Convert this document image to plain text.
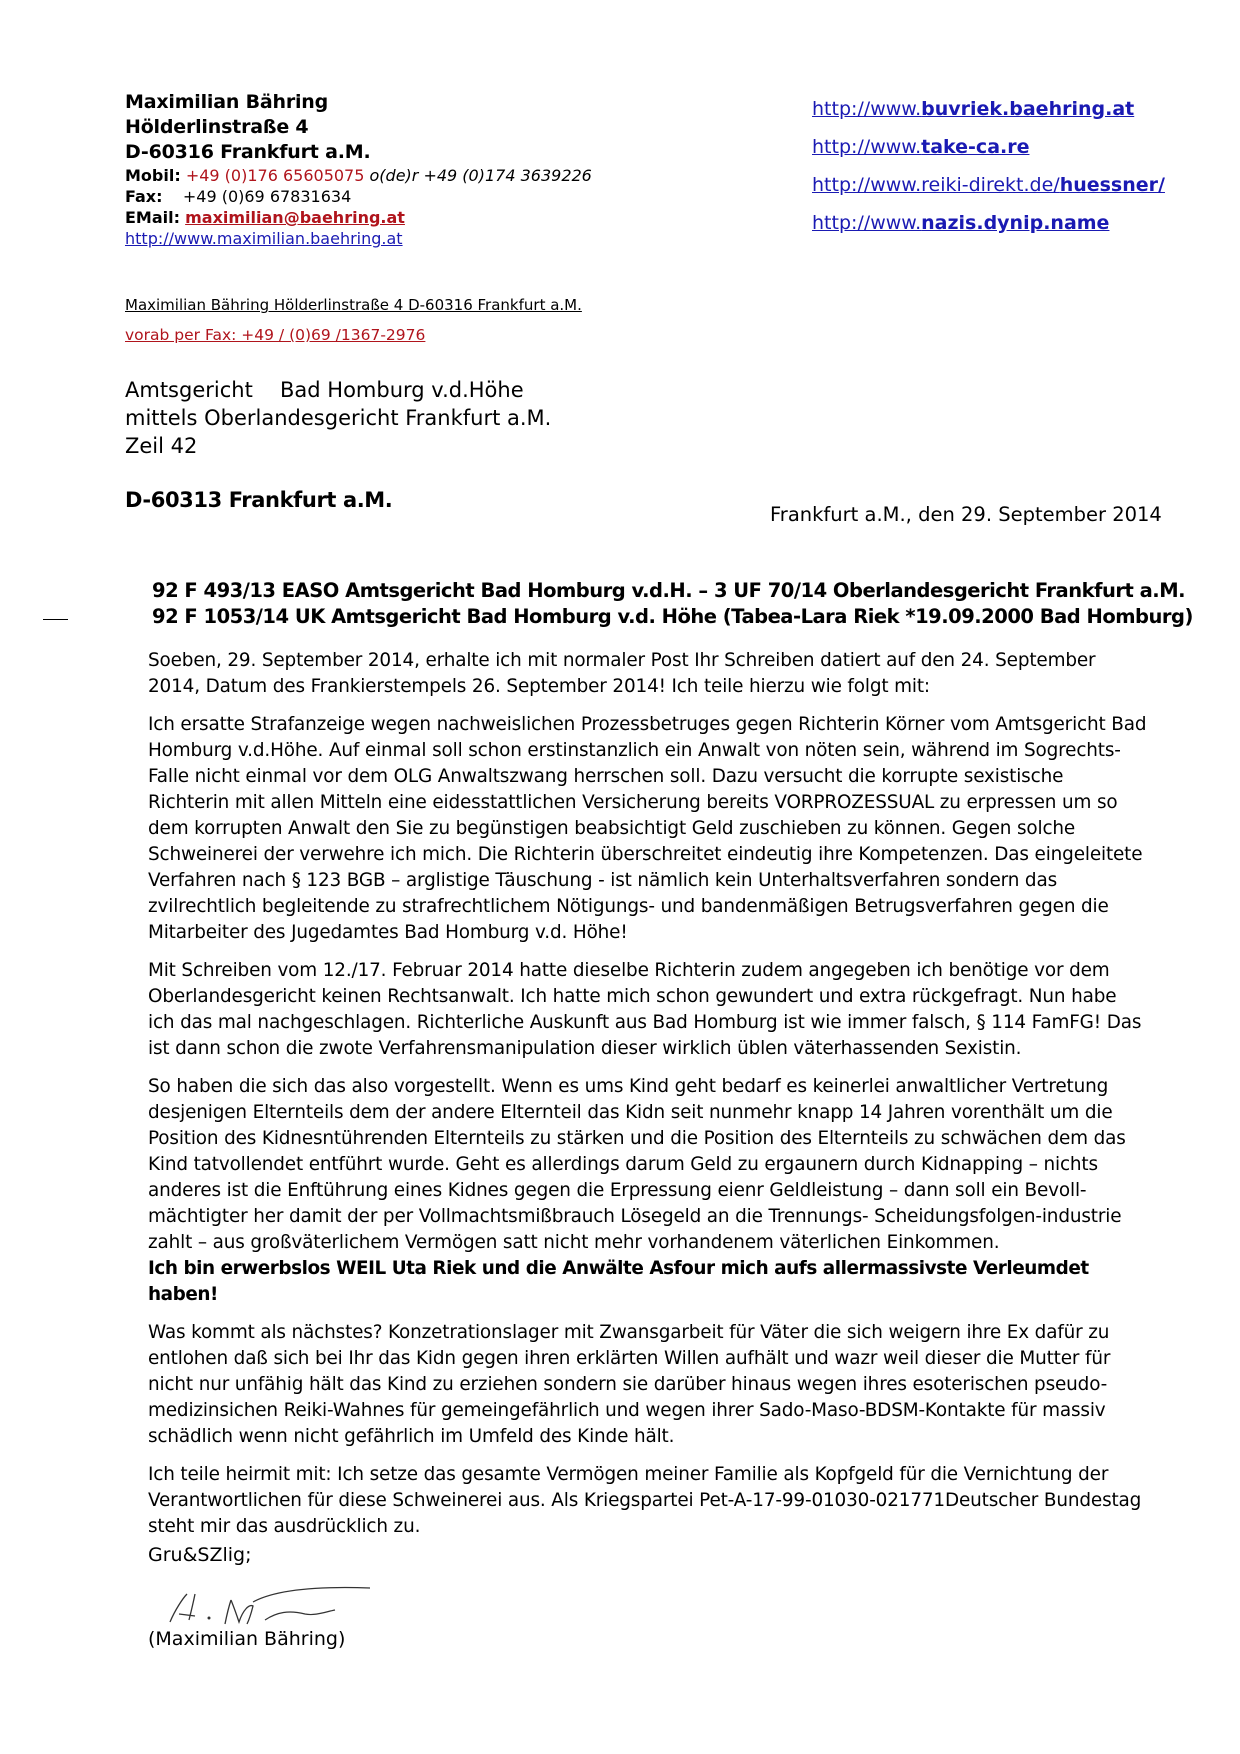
Maximilian Bähring
Hölderlinstraße 4
D-60316 Frankfurt a.M.
Mobil: +49 (0)176 65605075 o(de)r +49 (0)174 3639226
Fax: +49 (0)69 67831634
EMail: maximilian@baehring.at
http://www.maximilian.baehring.at
http://www.buvriek.baehring.at
http://www.take-ca.re
http://www.reiki-direkt.de/huessner/
http://www.nazis.dynip.name
Maximilian Bähring Hölderlinstraße 4 D-60316 Frankfurt a.M.
vorab per Fax: +49 / (0)69 /1367-2976
Amtsgericht Bad Homburg v.d.Höhe
mittels Oberlandesgericht Frankfurt a.M.
Zeil 42
D-60313 Frankfurt a.M.
Frankfurt a.M., den 29. September 2014
92 F 493/13 EASO Amtsgericht Bad Homburg v.d.H. – 3 UF 70/14 Oberlandesgericht Frankfurt a.M.
92 F 1053/14 UK Amtsgericht Bad Homburg v.d. Höhe (Tabea-Lara Riek *19.09.2000 Bad Homburg)

Soeben, 29. September 2014, erhalte ich mit normaler Post Ihr Schreiben datiert auf den 24. September 2014, Datum des Frankierstempels 26. September 2014! Ich teile hierzu wie folgt mit:

Ich ersatte Strafanzeige wegen nachweislichen Prozessbetruges gegen Richterin Körner vom Amtsgericht Bad Homburg v.d.Höhe. Auf einmal soll schon erstinstanzlich ein Anwalt von nöten sein, während im Sogrechts-Falle nicht einmal vor dem OLG Anwaltszwang herrschen soll. Dazu versucht die korrupte sexistische Richterin mit allen Mitteln eine eidesstattlichen Versicherung bereits VORPROZESSUAL zu erpressen um so dem korrupten Anwalt den Sie zu begünstigen beabsichtigt Geld zuschieben zu können. Gegen solche Schweinerei der verwehre ich mich. Die Richterin überschreitet eindeutig ihre Kompetenzen. Das eingeleitete Verfahren nach § 123 BGB – arglistige Täuschung - ist nämlich kein Unterhaltsverfahren sondern das zvilrechtlich begleitende zu strafrechtlichem Nötigungs- und bandenmäßigen Betrugsverfahren gegen die Mitarbeiter des Jugedamtes Bad Homburg v.d. Höhe!

Mit Schreiben vom 12./17. Februar 2014 hatte dieselbe Richterin zudem angegeben ich benötige vor dem Oberlandesgericht keinen Rechtsanwalt. Ich hatte mich schon gewundert und extra rückgefragt. Nun habe ich das mal nachgeschlagen. Richterliche Auskunft aus Bad Homburg ist wie immer falsch, § 114 FamFG! Das ist dann schon die zwote Verfahrensmanipulation dieser wirklich üblen väterhassenden Sexistin.

So haben die sich das also vorgestellt. Wenn es ums Kind geht bedarf es keinerlei anwaltlicher Vertretung desjenigen Elternteils dem der andere Elternteil das Kidn seit nunmehr knapp 14 Jahren vorenthält um die Position des Kidnesntührenden Elternteils zu stärken und die Position des Elternteils zu schwächen dem das Kind tatvollendet entführt wurde. Geht es allerdings darum Geld zu ergaunern durch Kidnapping – nichts anderes ist die Enftührung eines Kidnes gegen die Erpressung eienr Geldleistung – dann soll ein Bevoll-mächtigter her damit der per Vollmachtsmißbrauch Lösegeld an die Trennungs- Scheidungsfolgen-industrie zahlt – aus großväterlichem Vermögen satt nicht mehr vorhandenem väterlichen Einkommen.
Ich bin erwerbslos WEIL Uta Riek und die Anwälte Asfour mich aufs allermassivste Verleumdet haben!

Was kommt als nächstes? Konzetrationslager mit Zwansgarbeit für Väter die sich weigern ihre Ex dafür zu entlohen daß sich bei Ihr das Kidn gegen ihren erklärten Willen aufhält und wazr weil dieser die Mutter für nicht nur unfähig hält das Kind zu erziehen sondern sie darüber hinaus wegen ihres esoterischen pseudo-medizinsichen Reiki-Wahnes für gemeingefährlich und wegen ihrer Sado-Maso-BDSM-Kontakte für massiv schädlich wenn nicht gefährlich im Umfeld des Kinde hält.

Ich teile heirmit mit: Ich setze das gesamte Vermögen meiner Familie als Kopfgeld für die Vernichtung der Verantwortlichen für diese Schweinerei aus. Als Kriegspartei Pet-A-17-99-01030-021771Deutscher Bundestag steht mir das ausdrücklich zu.

Gru&SZlig;
(Maximilian Bähring)
